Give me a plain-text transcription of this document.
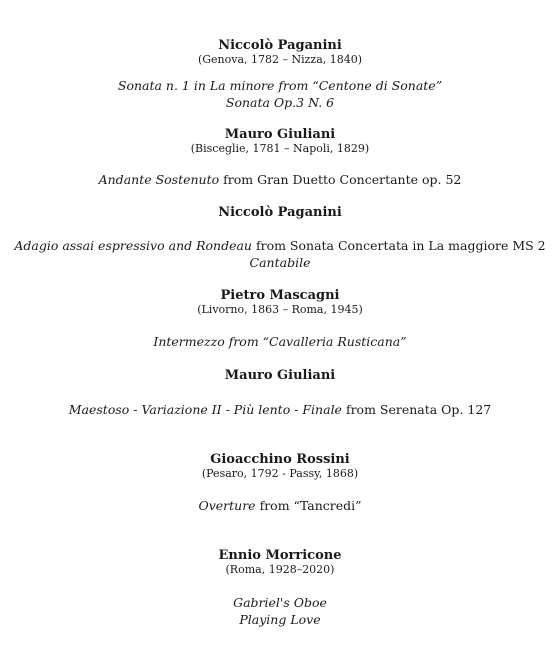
Niccolò Paganini
(Genova, 1782 – Nizza, 1840)
Sonata n. 1 in La minore from “Centone di Sonate”
Sonata Op.3 N. 6
Mauro Giuliani
(Bisceglie, 1781 – Napoli, 1829)
Andante Sostenuto from Gran Duetto Concertante op. 52
Niccolò Paganini
Adagio assai espressivo and Rondeau from Sonata Concertata in La maggiore MS 2
Cantabile
Pietro Mascagni
(Livorno, 1863 – Roma, 1945)
Intermezzo from “Cavalleria Rusticana”
Mauro Giuliani
Maestoso - Variazione II - Più lento - Finale from Serenata Op. 127
Gioacchino Rossini
(Pesaro, 1792 - Passy, 1868)
Overture from “Tancredi”
Ennio Morricone
(Roma, 1928–2020)
Gabriel's Oboe
Playing Love
